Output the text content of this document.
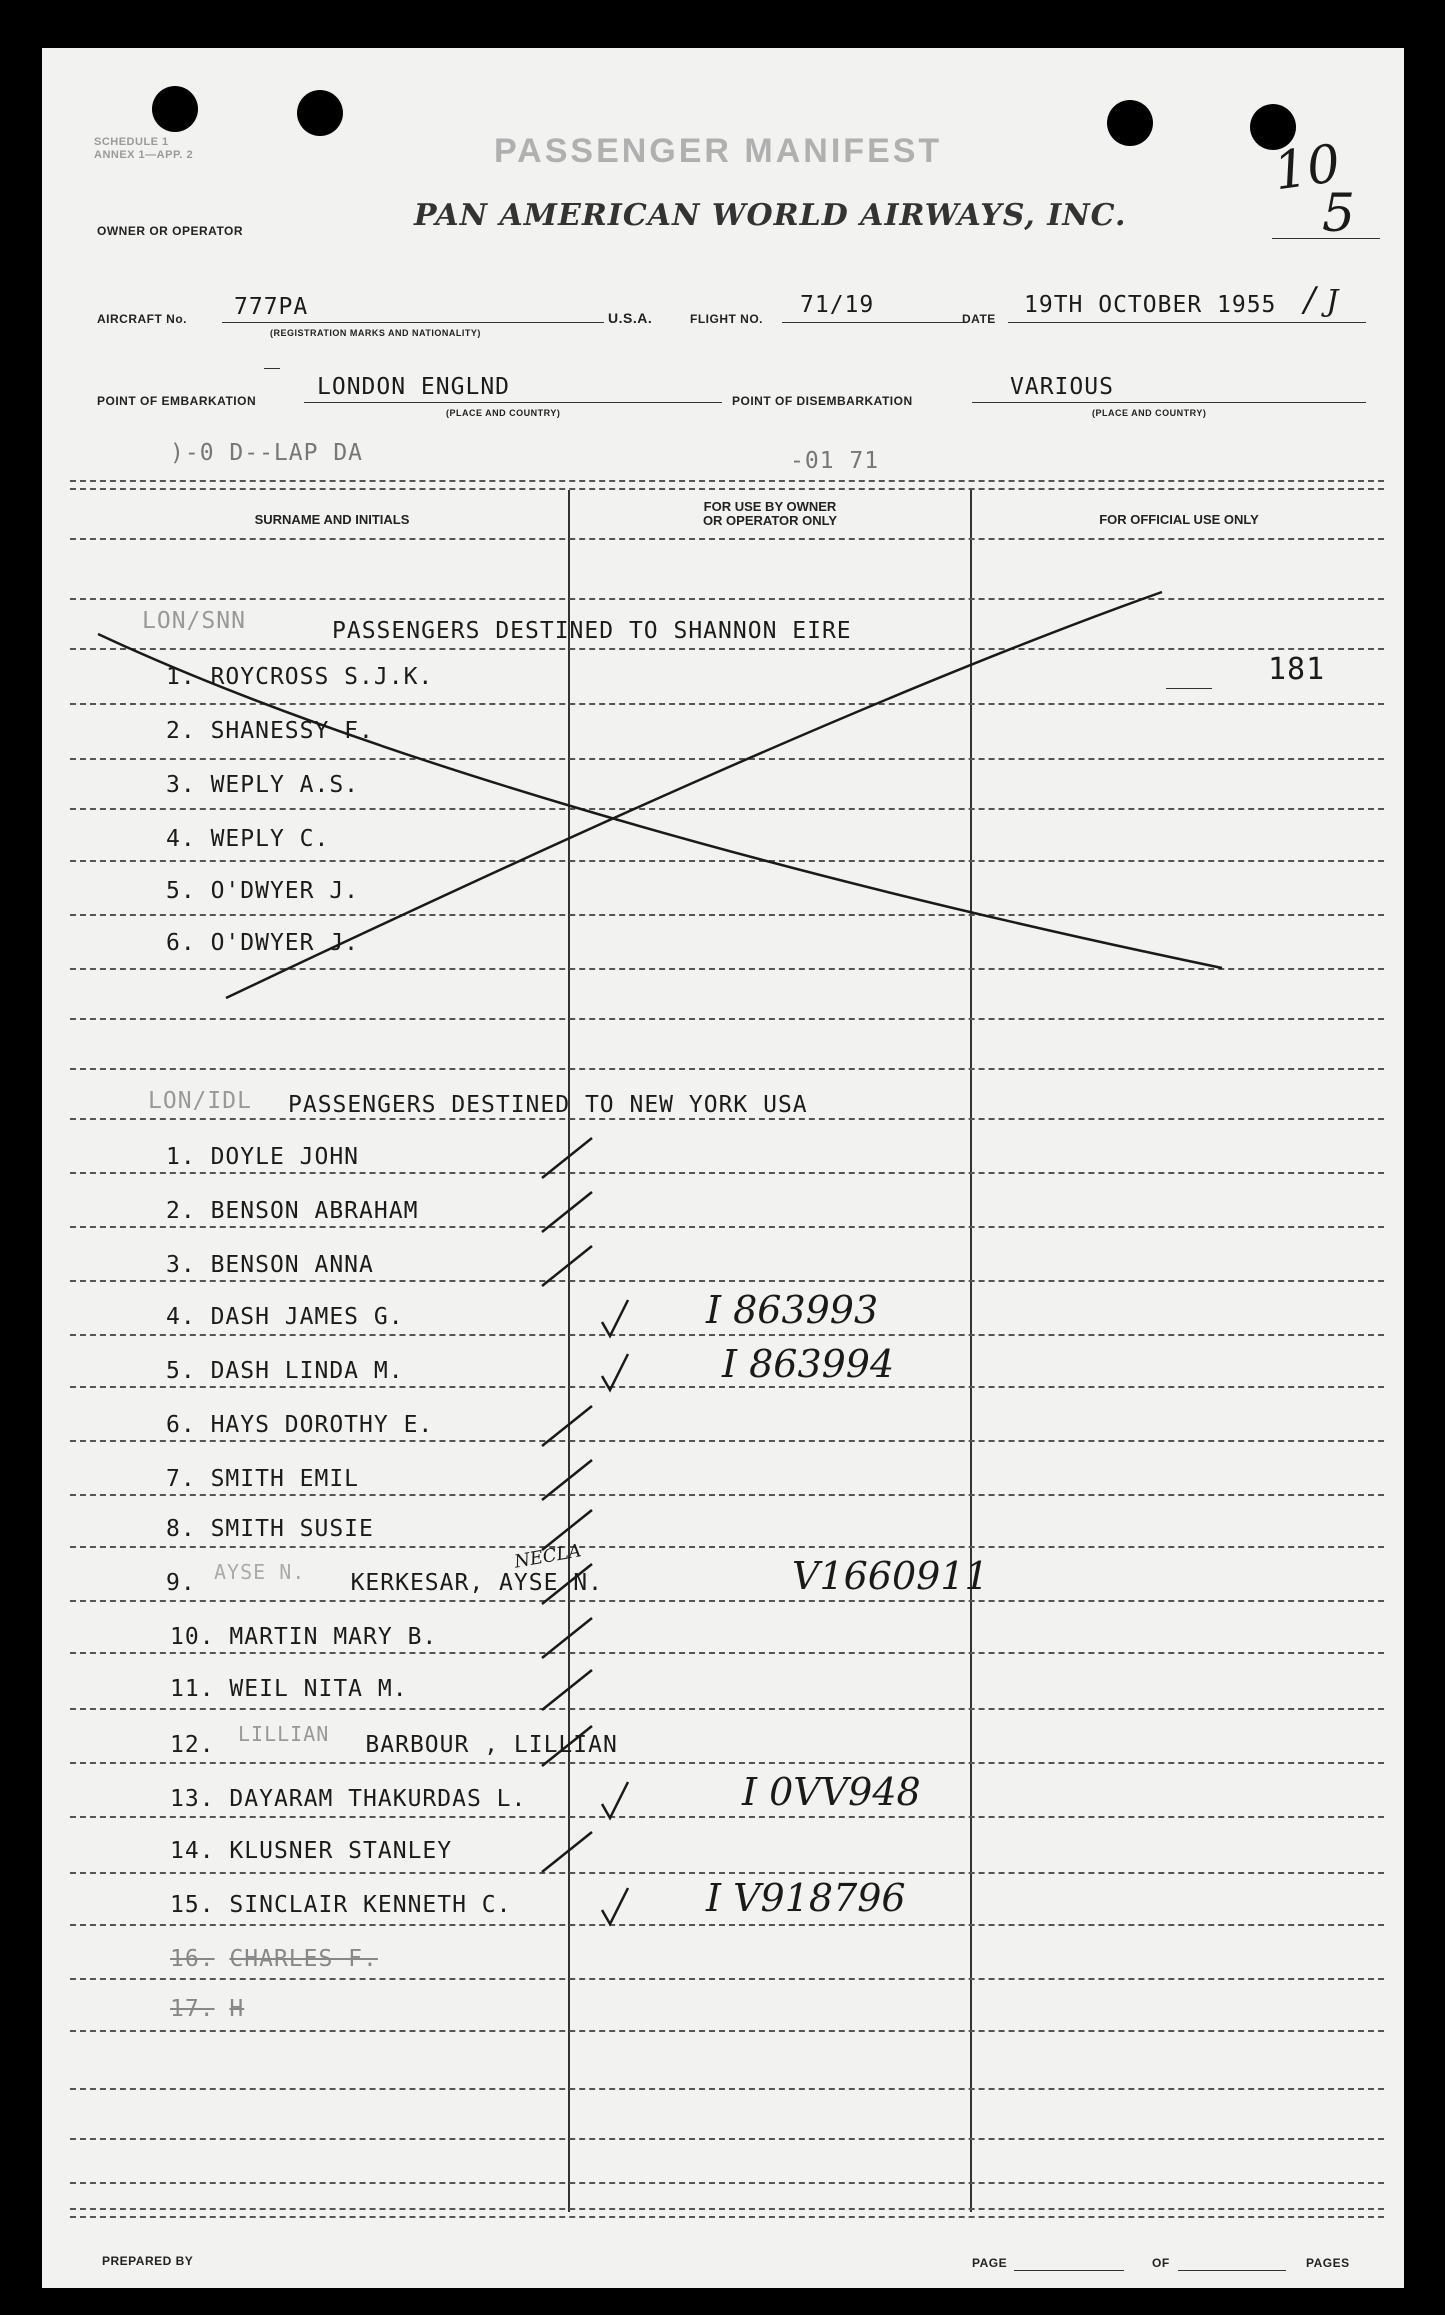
SCHEDULE 1
ANNEX 1—APP. 2	PASSENGER MANIFEST
PAN AMERICAN WORLD AIRWAYS, INC.
OWNER OR OPERATOR
10
5
AIRCRAFT No. 777PA
(REGISTRATION MARKS AND NATIONALITY)
U.S.A.	FLIGHT NO.
71/19
DATE
19TH OCTOBER 1955 / J
POINT OF EMBARKATION
LONDON ENGLND
(PLACE AND COUNTRY)
POINT OF DISEMBARKATION
VARIOUS
(PLACE AND COUNTRY)
)-0 D--LAP DA	-01 71
SURNAME AND INITIALS
FOR USE BY OWNER
OR OPERATOR ONLY	FOR OFFICIAL USE ONLY
LON/SNN	PASSENGERS DESTINED TO SHANNON EIRE
181
1. ROYCROSS S.J.K.
2. SHANESSY F.
3. WEPLY A.S.
4. WEPLY C.
5. O'DWYER J.
6. O'DWYER J.
LON/IDL PASSENGERS DESTINED TO NEW YORK USA
1. DOYLE JOHN
2. BENSON ABRAHAM
3. BENSON ANNA
4. DASH JAMES G.	I 863993
5. DASH LINDA M.	I 863994
6. HAYS DOROTHY E.
7. SMITH EMIL
8. SMITH SUSIE
9.	KERKESAR, AYSE N.	V1660911
10. MARTIN MARY B.
11. WEIL NITA M.
12.	BARBOUR , LILLIAN
13. DAYARAM THAKURDAS L.	I 0VV948
14. KLUSNER STANLEY
15. SINCLAIR KENNETH C.	I V918796
16. CHARLES F.
17. H
AYSE N.
LILLIAN
NECLA
PREPARED BY	PAGE	OF	PAGES
